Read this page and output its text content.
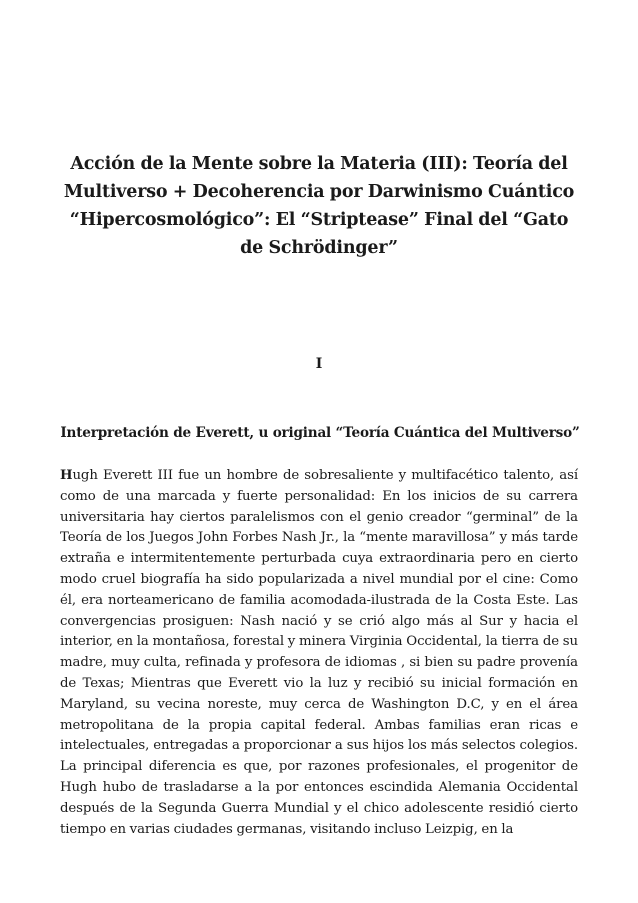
Acción de la Mente sobre la Materia (III): Teoría del Multiverso + Decoherencia por Darwinismo Cuántico “Hipercosmológico”: El “Striptease” Final del “Gato de Schrödinger”
I
Interpretación de Everett, u original “Teoría Cuántica del Multiverso”

Hugh Everett III fue un hombre de sobresaliente y multifacético talento, así como de una marcada y fuerte personalidad: En los inicios de su carrera universitaria hay ciertos paralelismos con el genio creador “germinal” de la Teoría de los Juegos John Forbes Nash Jr., la “mente maravillosa” y más tarde extraña e intermitentemente perturbada cuya extraordinaria pero en cierto modo cruel biografía ha sido popularizada a nivel mundial por el cine: Como él, era norteamericano de familia acomodada-ilustrada de la Costa Este. Las convergencias prosiguen: Nash nació y se crió algo más al Sur y hacia el interior, en la montañosa, forestal y minera Virginia Occidental, la tierra de su madre, muy culta, refinada y profesora de idiomas , si bien su padre provenía de Texas; Mientras que Everett vio la luz y recibió su inicial formación en Maryland, su vecina noreste, muy cerca de Washington D.C, y en el área metropolitana de la propia capital federal. Ambas familias eran ricas e intelectuales, entregadas a proporcionar a sus hijos los más selectos colegios. La principal diferencia es que, por razones profesionales, el progenitor de Hugh hubo de trasladarse a la por entonces escindida Alemania Occidental después de la Segunda Guerra Mundial y el chico adolescente residió cierto tiempo en varias ciudades germanas, visitando incluso Leizpig, en la
